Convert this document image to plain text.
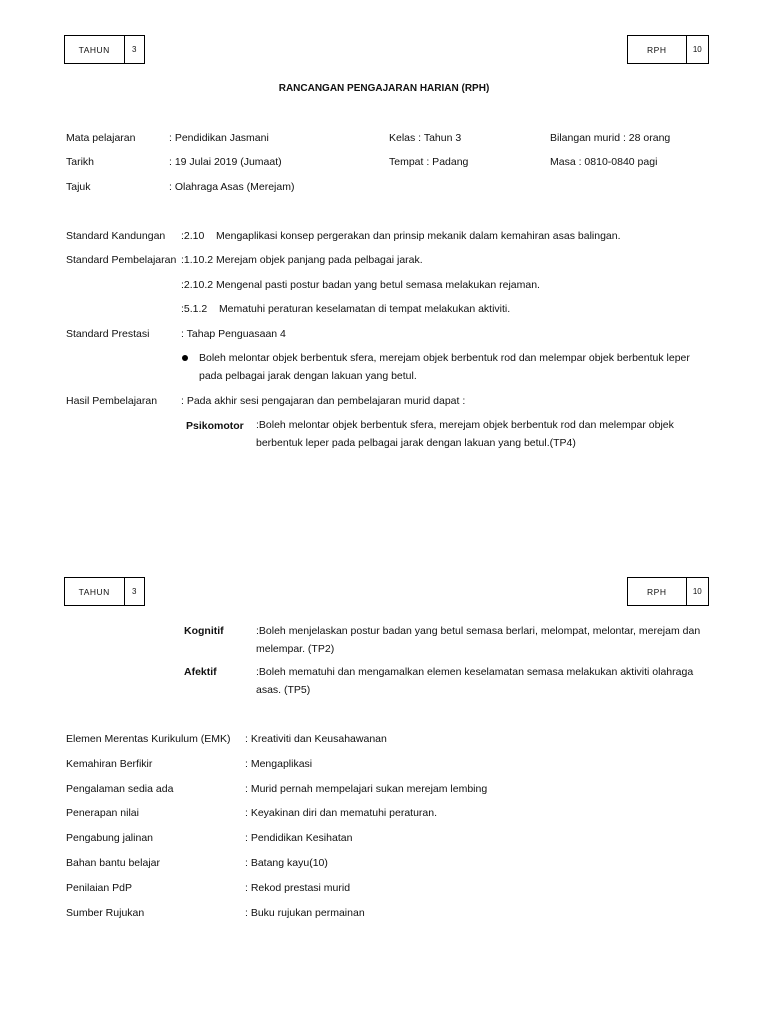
TAHUN	3	RPH	10
RANCANGAN PENGAJARAN HARIAN (RPH)
Mata pelajaran	: Pendidikan Jasmani	Kelas : Tahun 3	Bilangan murid : 28 orang
Tarikh	: 19 Julai 2019 (Jumaat)	Tempat : Padang	Masa : 0810-0840 pagi
Tajuk	: Olahraga Asas (Merejam)
Standard Kandungan :2.10    Mengaplikasi konsep pergerakan dan prinsip mekanik dalam kemahiran asas balingan.
Standard Pembelajaran :1.10.2 Merejam objek panjang pada pelbagai jarak.
:2.10.2 Mengenal pasti postur badan yang betul semasa melakukan rejaman.
:5.1.2    Mematuhi peraturan keselamatan di tempat melakukan aktiviti.
Standard Prestasi	: Tahap Penguasaan 4
Boleh melontar objek berbentuk sfera, merejam objek berbentuk rod dan melempar objek berbentuk leper pada pelbagai jarak dengan lakuan yang betul.
Hasil Pembelajaran : Pada akhir sesi pengajaran dan pembelajaran murid dapat :
Psikomotor :Boleh melontar objek berbentuk sfera, merejam objek berbentuk rod dan melempar objek berbentuk leper pada pelbagai jarak dengan lakuan yang betul.(TP4)
TAHUN	3	RPH	10
Kognitif	:Boleh menjelaskan postur badan yang betul semasa berlari, melompat, melontar, merejam dan melempar. (TP2)
Afektif	:Boleh mematuhi dan mengamalkan elemen keselamatan semasa melakukan aktiviti olahraga asas. (TP5)
Elemen Merentas Kurikulum (EMK) : Kreativiti dan Keusahawanan
Kemahiran Berfikir	: Mengaplikasi
Pengalaman sedia ada	: Murid pernah mempelajari sukan merejam lembing
Penerapan nilai	: Keyakinan diri dan mematuhi peraturan.
Pengabung jalinan	: Pendidikan Kesihatan
Bahan bantu belajar	: Batang kayu(10)
Penilaian PdP	: Rekod prestasi murid
Sumber Rujukan	: Buku rujukan permainan
